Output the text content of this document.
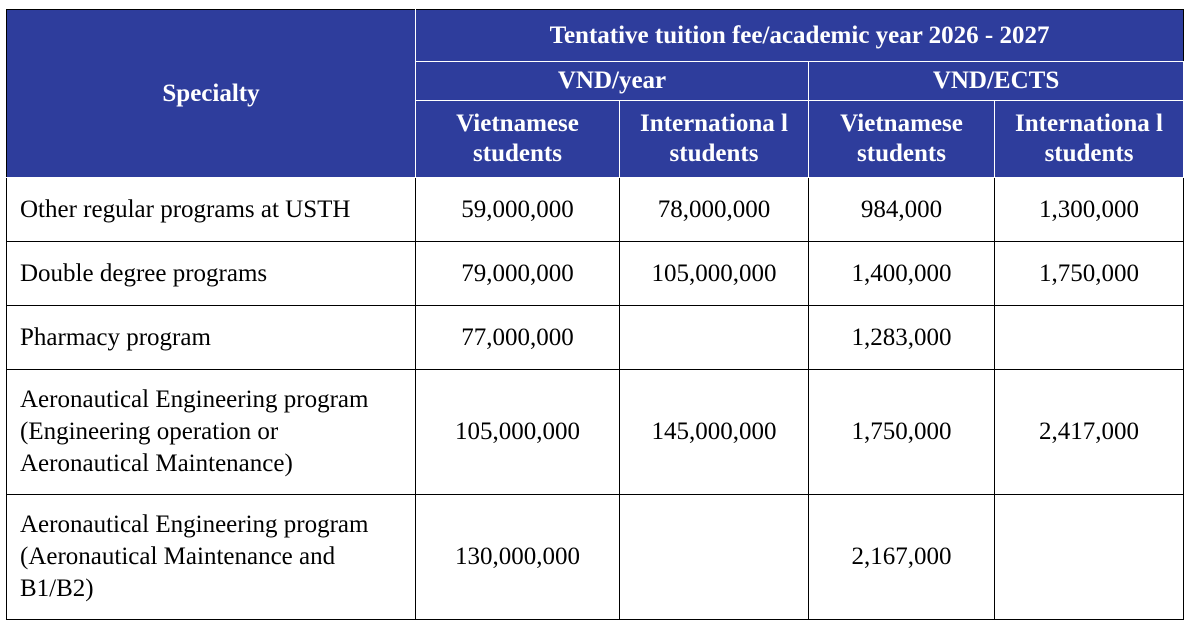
Specialty	Tentative tuition fee/academic year 2026 - 2027			
	VND/year		VND/ECTS	
	Vietnamese students	Internationa l students	Vietnamese students	Internationa l students
Other regular programs at USTH	59,000,000	78,000,000	984,000	1,300,000
Double degree programs	79,000,000	105,000,000	1,400,000	1,750,000
Pharmacy program	77,000,000		1,283,000	
Aeronautical Engineering program (Engineering operation or Aeronautical Maintenance)	105,000,000	145,000,000	1,750,000	2,417,000
Aeronautical Engineering program (Aeronautical Maintenance and B1/B2)	130,000,000		2,167,000	
